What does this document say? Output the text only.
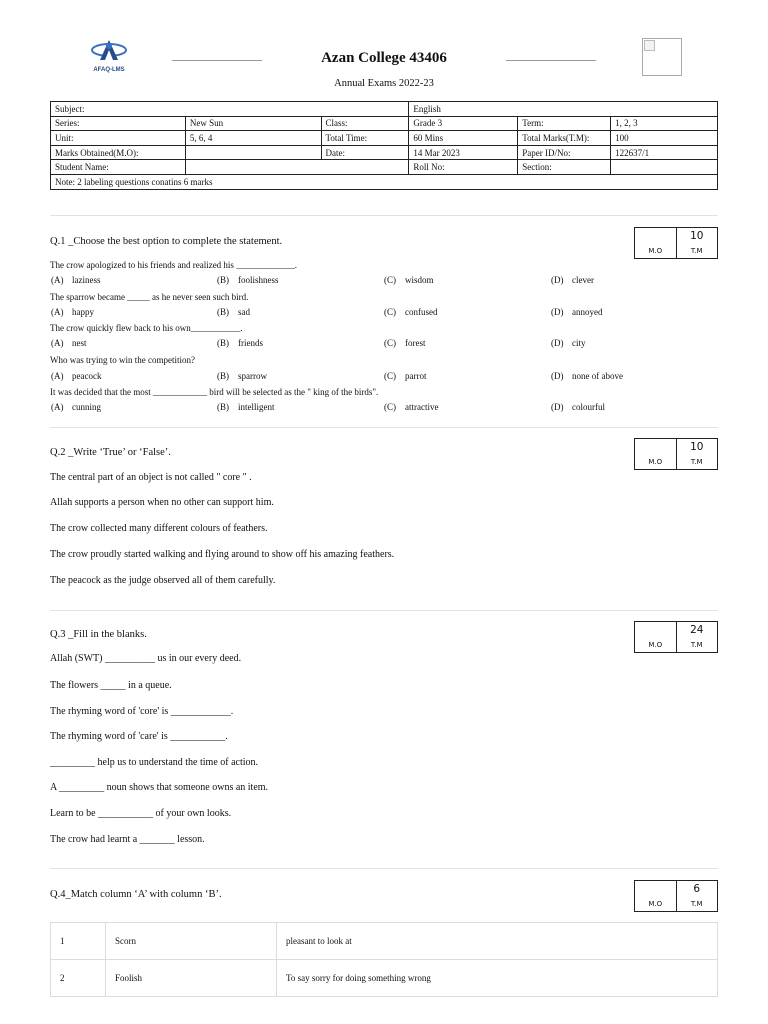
AFAQ-LMS
Azan College 43406
Annual Exams 2022-23
Subject:			English		
Series:	New Sun	Class:	Grade 3	Term:	1, 2, 3
Unit:	5, 6, 4	Total Time:	60 Mins	Total Marks(T.M):	100
Marks Obtained(M.O):		Date:	14 Mar 2023	Paper ID/No:	122637/1
Student Name:			Roll No:	Section:	
Note: 2 labeling questions conatins 6 marks					
M.O
10
T.M
Q.1 _Choose the best option to complete the statement.
The crow apologized to his friends and realized his _____________.
(A) laziness	(B) foolishness	(C) wisdom	(D) clever
The sparrow became _____ as he never seen such bird.
(A) happy	(B) sad	(C) confused	(D) annoyed
The crow quickly flew back to his own___________.
(A) nest	(B) friends	(C) forest	(D) city
Who was trying to win the competition?
(A) peacock	(B) sparrow	(C) parrot	(D) none of above
It was decided that the most ____________ bird will be selected as the " king of the birds".
(A) cunning	(B) intelligent	(C) attractive	(D) colourful
M.O
10
T.M
Q.2 _Write ‘True’ or ‘False’.
The central part of an object is not called " core " .
Allah supports a person when no other can support him.
The crow collected many different colours of feathers.
The crow proudly started walking and flying around to show off his amazing feathers.
The peacock as the judge observed all of them carefully.
M.O
24
T.M
Q.3 _Fill in the blanks.
Allah (SWT) __________ us in our every deed.
The flowers _____ in a queue.
The rhyming word of 'core' is ____________.
The rhyming word of 'care' is ___________.
_________ help us to understand the time of action.
A _________ noun shows that someone owns an item.
Learn to be ___________ of your own looks.
The crow had learnt a _______ lesson.
M.O
6
T.M
Q.4_Match column ‘A’ with column ‘B’.
1	Scorn	pleasant to look at
2	Foolish	To say sorry for doing something wrong
